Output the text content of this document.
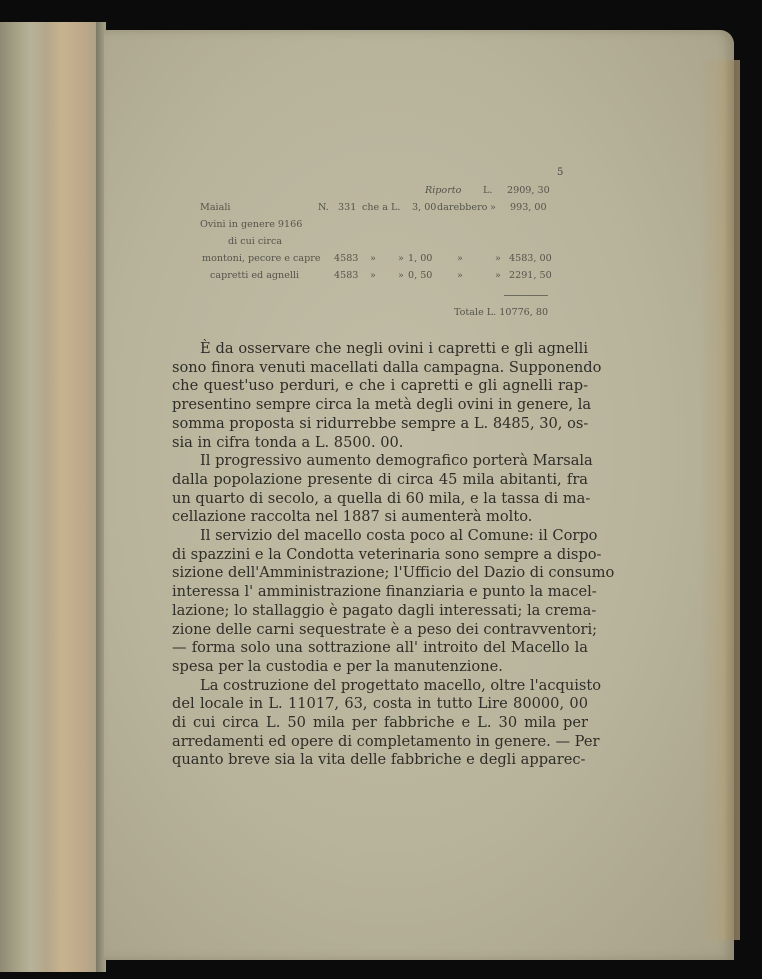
5
Riporto L. 2909, 30
Maiali	N. 331 che a L. 3, 00 darebbero » 993, 00
Ovini in genere 9166
di cui circa
montoni, pecore e capre 4583 » » 1, 00	»	» 4583, 00
capretti ed agnelli	4583 » » 0, 50	»	» 2291, 50
Totale L. 10776, 80

È da osservare che negli ovini i capretti e gli agnelli
sono finora venuti macellati dalla campagna. Supponendo
che quest'uso perduri, e che i capretti e gli agnelli rap-
presentino sempre circa la metà degli ovini in genere, la
somma proposta si ridurrebbe sempre a L. 8485, 30, os-
sia in cifra tonda a L. 8500. 00.

Il progressivo aumento demografico porterà Marsala
dalla popolazione presente di circa 45 mila abitanti, fra
un quarto di secolo, a quella di 60 mila, e la tassa di ma-
cellazione raccolta nel 1887 si aumenterà molto.

Il servizio del macello costa poco al Comune: il Corpo
di spazzini e la Condotta veterinaria sono sempre a dispo-
sizione dell'Amministrazione; l'Ufficio del Dazio di consumo
interessa l' amministrazione finanziaria e punto la macel-
lazione; lo stallaggio è pagato dagli interessati; la crema-
zione delle carni sequestrate è a peso dei contravventori;
— forma solo una sottrazione all' introito del Macello la
spesa per la custodia e per la manutenzione.

La costruzione del progettato macello, oltre l'acquisto
del locale in L. 11017, 63, costa in tutto Lire 80000, 00
di cui circa L. 50 mila per fabbriche e L. 30 mila per
arredamenti ed opere di completamento in genere. — Per
quanto breve sia la vita delle fabbriche e degli apparec-
